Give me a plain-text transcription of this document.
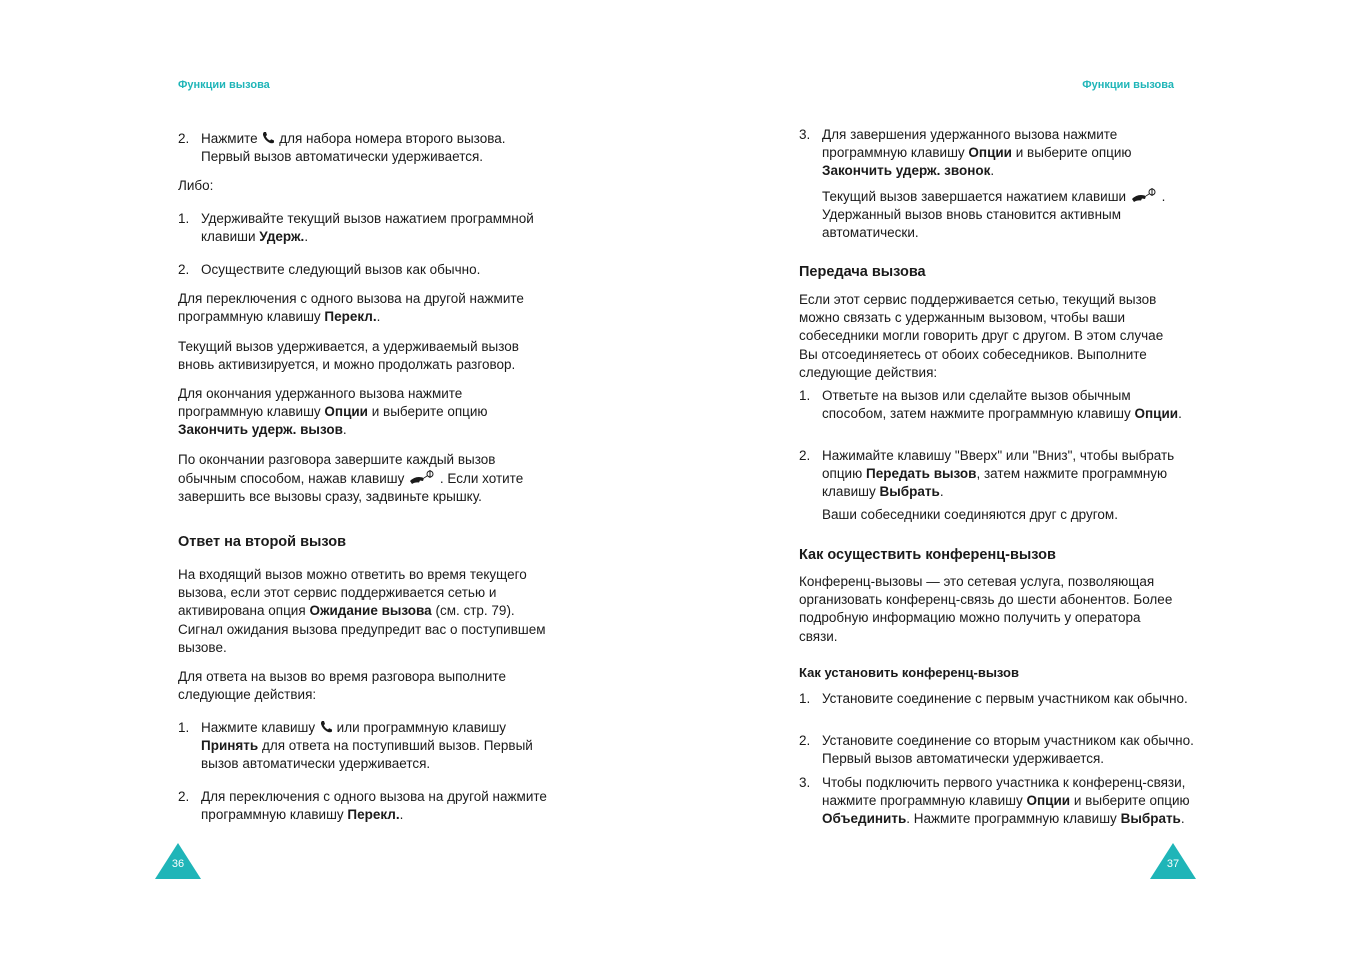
Функции вызова
2. Нажмите для набора номера второго вызова.
Первый вызов автоматически удерживается.
Либо:
1. Удерживайте текущий вызов нажатием программной клавиши Удерж..
2. Осуществите следующий вызов как обычно.
Для переключения с одного вызова на другой нажмите программную клавишу Перекл..
Текущий вызов удерживается, а удерживаемый вызов вновь активизируется, и можно продолжать разговор.
Для окончания удержанного вызова нажмите программную клавишу Опции и выберите опцию Закончить удерж. вызов.
По окончании разговора завершите каждый вызов обычным способом, нажав клавишу	. Если хотите завершить все вызовы сразу, задвиньте крышку.
Ответ на второй вызов
На входящий вызов можно ответить во время текущего вызова, если этот сервис поддерживается сетью и активирована опция Ожидание вызова (см. стр. 79). Сигнал ожидания вызова предупредит вас о поступившем вызове.
Для ответа на вызов во время разговора выполните следующие действия:
1. Нажмите клавишу или программную клавишу
Принять для ответа на поступивший вызов. Первый вызов автоматически удерживается.
2. Для переключения с одного вызова на другой нажмите программную клавишу Перекл..
36
Функции вызова
3. Для завершения удержанного вызова нажмите программную клавишу Опции и выберите опцию Закончить удерж. звонок.
Текущий вызов завершается нажатием клавиши	. Удержанный вызов вновь становится активным автоматически.
Передача вызова
Если этот сервис поддерживается сетью, текущий вызов можно связать с удержанным вызовом, чтобы ваши собеседники могли говорить друг с другом. В этом случае Вы отсоединяетесь от обоих собеседников. Выполните следующие действия:
1. Ответьте на вызов или сделайте вызов обычным способом, затем нажмите программную клавишу Опции.
2. Нажимайте клавишу "Вверх" или "Вниз", чтобы выбрать опцию Передать вызов, затем нажмите программную клавишу Выбрать.
Ваши собеседники соединяются друг с другом.
Как осуществить конференц-вызов
Конференц-вызовы — это сетевая услуга, позволяющая организовать конференц-связь до шести абонентов. Более подробную информацию можно получить у оператора связи.
Как установить конференц-вызов
1. Установите соединение с первым участником как обычно.
2. Установите соединение со вторым участником как обычно. Первый вызов автоматически удерживается.
3. Чтобы подключить первого участника к конференц-связи, нажмите программную клавишу Опции и выберите опцию Объединить. Нажмите программную клавишу Выбрать.
37
